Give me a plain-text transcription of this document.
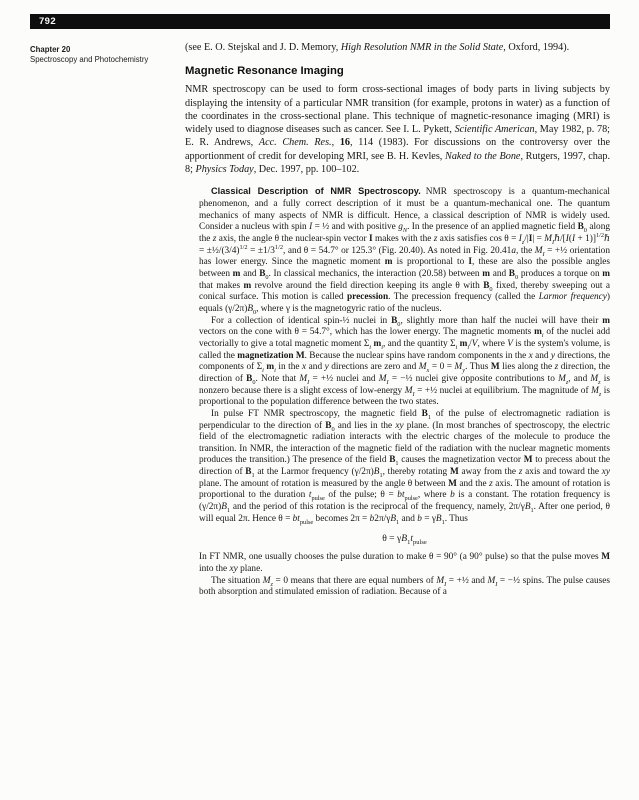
792
Chapter 20
Spectroscopy and Photochemistry

(see E. O. Stejskal and J. D. Memory, High Resolution NMR in the Solid State, Oxford, 1994).

Magnetic Resonance Imaging

NMR spectroscopy can be used to form cross-sectional images of body parts in living subjects by displaying the intensity of a particular NMR transition (for example, protons in water) as a function of the coordinates in the cross-sectional plane. This technique of magnetic-resonance imaging (MRI) is widely used to diagnose diseases such as cancer. See I. L. Pykett, Scientific American, May 1982, p. 78; E. R. Andrews, Acc. Chem. Res., 16, 114 (1983). For discussions on the controversy over the apportionment of credit for developing MRI, see B. H. Kevles, Naked to the Bone, Rutgers, 1997, chap. 8; Physics Today, Dec. 1997, pp. 100–102.

Classical Description of NMR Spectroscopy. NMR spectroscopy is a quantum-mechanical phenomenon, and a fully correct description of it must be a quantum-mechanical one. The quantum mechanics of many aspects of NMR is difficult. Hence, a classical description of NMR is widely used. Consider a nucleus with spin I = ½ and with positive $g_N$. In the presence of an applied magnetic field $B_0$ along the z axis, the angle θ the nuclear-spin vector I makes with the z axis satisfies $\cos \theta = I_z/|I|$ = $M_I\hbar/[I(I$ + 1)]$^{1/2}$ℏ = $\pm\frac{1}{2}/(3/4)^{1/2} = \pm 1/3^{1/2}$, and θ = 54.7° or 125.3° (Fig. 20.40). As noted in Fig. 20.41a, the $M_I$ = +½ orientation has lower energy. Since the magnetic moment m is proportional to I, these are also the possible angles between m and $B_0$. In classical mechanics, the interaction (20.58) between m and $B_0$ produces a torque on m that makes m revolve around the field direction keeping its angle θ with $B_0$ fixed, thereby sweeping out a conical surface. This motion is called precession. The precession frequency (called the Larmor frequency) equals $(\gamma/2\pi)B_0$, where γ is the magnetogyric ratio of the nucleus.

For a collection of identical spin-½ nuclei in $B_0$, slightly more than half the nuclei will have their m vectors on the cone with θ = 54.7°, which has the lower energy. The magnetic moments $m_i$ of the nuclei add vectorially to give a total magnetic moment $\Sigma_i$ $m_i$, and the quantity $\Sigma_i$ $m_i/V$, where V is the system's volume, is called the magnetization M. Because the nuclear spins have random components in the x and y directions, the components of $\Sigma_i$ $m_i$ in the x and y directions are zero and $M_x = 0 = M_y$. Thus M lies along the z direction, the direction of $B_0$. Note that $M_I$ = +½ nuclei and $M_I$ = −½ nuclei give opposite contributions to $M_z$, and $M_z$ is nonzero because there is a slight excess of low-energy $M_I$ = +½ nuclei at equilibrium. The magnitude of $M_z$ is proportional to the population difference between the two states.

In pulse FT NMR spectroscopy, the magnetic field $B_1$ of the pulse of electromagnetic radiation is perpendicular to the direction of $B_0$ and lies in the xy plane. (In most branches of spectroscopy, the electric field of the electromagnetic radiation interacts with the electric charges of the molecule to produce the transition. In NMR, the interaction of the magnetic field of the radiation with the nuclear magnetic moments produces the transition.) The presence of the field $B_1$ causes the magnetization vector M to precess about the direction of $B_1$ at the Larmor frequency $(\gamma/2\pi)B_1$, thereby rotating M away from the z axis and toward the xy plane. The amount of rotation is measured by the angle θ between M and the z axis. The amount of rotation is proportional to the duration $t_{pulse}$ of the pulse; $\theta = bt_{pulse}$, where b is a constant. The rotation frequency is $(\gamma/2\pi)B_1$ and the period of this rotation is the reciprocal of the frequency, namely, $2\pi/\gamma B_1$. After one period, θ will equal 2π. Hence $\theta = bt_{pulse}$ becomes $2\pi = b2\pi/\gamma B_1$ and $b = \gamma B_1$. Thus

$\theta = \gamma B_1t_{pulse}$

In FT NMR, one usually chooses the pulse duration to make θ = 90° (a 90° pulse) so that the pulse moves M into the xy plane.

The situation $M_z = 0$ means that there are equal numbers of $M_I$ = +½ and $M_I$ = −½ spins. The pulse causes both absorption and stimulated emission of radiation. Because of a
